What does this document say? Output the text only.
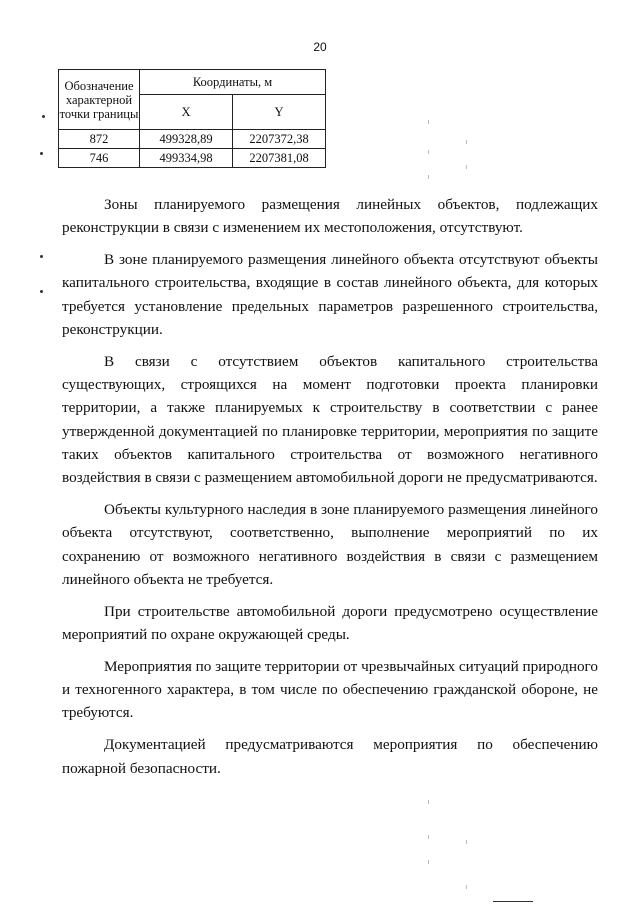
20
Обозначение характерной точки границы	Координаты, м	
	X	Y
872	499328,89	2207372,38
746	499334,98	2207381,08

Зоны планируемого размещения линейных объектов, подлежащих реконструкции в связи с изменением их местоположения, отсутствуют.

В зоне планируемого размещения линейного объекта отсутствуют объекты капитального строительства, входящие в состав линейного объекта, для которых требуется установление предельных параметров разрешенного строительства, реконструкции.

В связи с отсутствием объектов капитального строительства существующих, строящихся на момент подготовки проекта планировки территории, а также планируемых к строительству в соответствии с ранее утвержденной документацией по планировке территории, мероприятия по защите таких объектов капитального строительства от возможного негативного воздействия в связи с размещением автомобильной дороги не предусматриваются.

Объекты культурного наследия в зоне планируемого размещения линейного объекта отсутствуют, соответственно, выполнение мероприятий по их сохранению от возможного негативного воздействия в связи с размещением линейного объекта не требуется.

При строительстве автомобильной дороги предусмотрено осуществление мероприятий по охране окружающей среды.

Мероприятия по защите территории от чрезвычайных ситуаций природного и техногенного характера, в том числе по обеспечению гражданской обороне, не требуются.

Документацией предусматриваются мероприятия по обеспечению пожарной безопасности.
